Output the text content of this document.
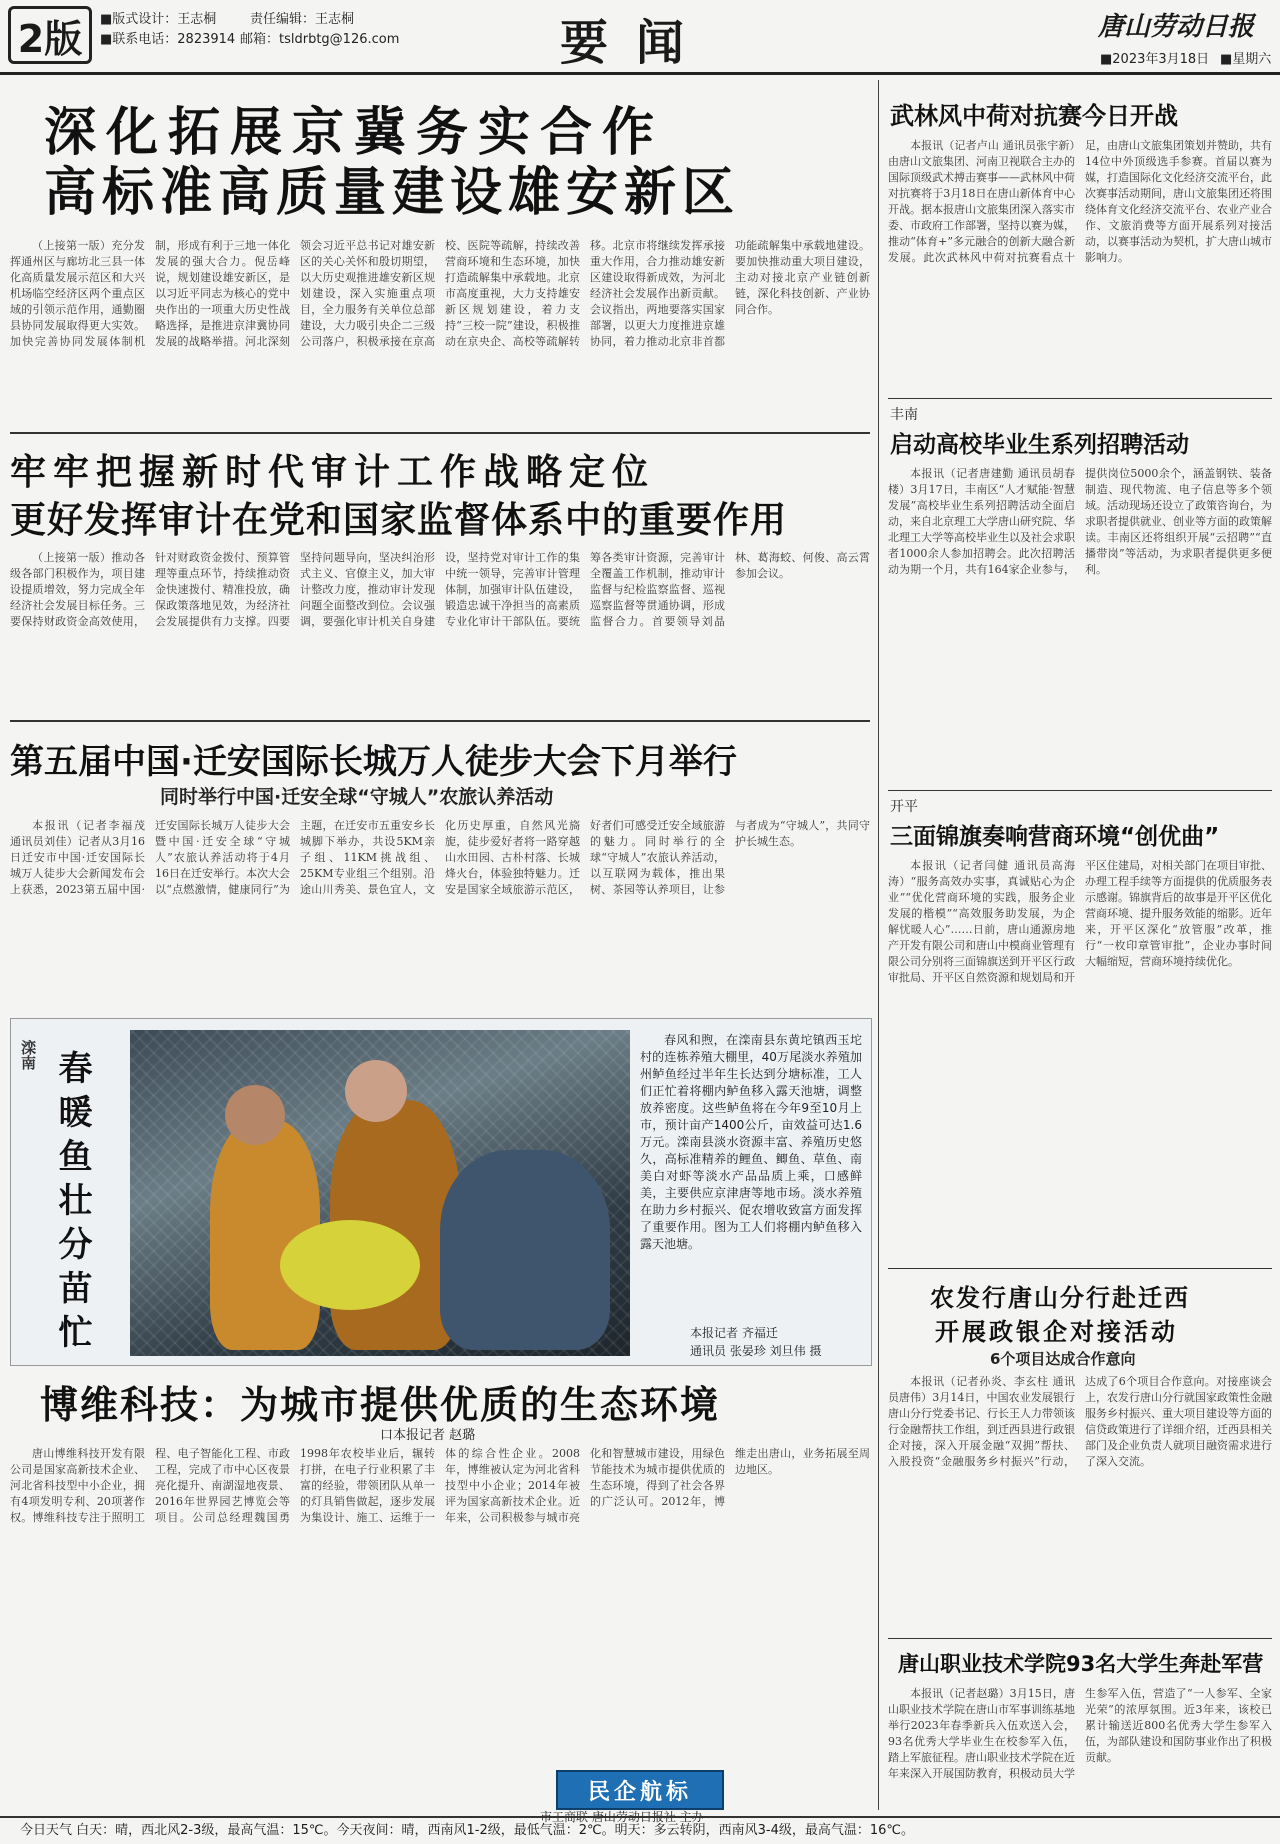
2版	■版式设计：王志桐	责任编辑：王志桐
■联系电话：2823914 邮箱：tsldrbtg@126.com	要闻	唐山劳动日报
■2023年3月18日 ■星期六
深化拓展京冀务实合作
高标准高质量建设雄安新区

（上接第一版）充分发挥通州区与廊坊北三县一体化高质量发展示范区和大兴机场临空经济区两个重点区域的引领示范作用，通勤圈县协同发展取得更大实效。加快完善协同发展体制机制，形成有利于三地一体化发展的强大合力。倪岳峰说，规划建设雄安新区，是以习近平同志为核心的党中央作出的一项重大历史性战略选择，是推进京津冀协同发展的战略举措。河北深刻领会习近平总书记对雄安新区的关心关怀和殷切期望，以大历史观推进雄安新区规划建设，深入实施重点项目，全力服务有关单位总部建设，大力吸引央企二三级公司落户，积极承接在京高校、医院等疏解，持续改善营商环境和生态环境，加快打造疏解集中承载地。北京市高度重视，大力支持雄安新区规划建设，着力支持“三校一院”建设，积极推动在京央企、高校等疏解转移。北京市将继续发挥承接重大作用，合力推动雄安新区建设取得新成效，为河北经济社会发展作出新贡献。会议指出，两地要落实国家部署，以更大力度推进京雄协同，着力推动北京非首都功能疏解集中承载地建设。要加快推动重大项目建设，主动对接北京产业链创新链，深化科技创新、产业协同合作。

牢牢把握新时代审计工作战略定位
更好发挥审计在党和国家监督体系中的重要作用

（上接第一版）推动各级各部门积极作为，项目建设提质增效，努力完成全年经济社会发展目标任务。三要保持财政资金高效使用，针对财政资金拨付、预算管理等重点环节，持续推动资金快速拨付、精准投放，确保政策落地见效，为经济社会发展提供有力支撑。四要坚持问题导向，坚决纠治形式主义、官僚主义，加大审计整改力度，推动审计发现问题全面整改到位。会议强调，要强化审计机关自身建设，坚持党对审计工作的集中统一领导，完善审计管理体制，加强审计队伍建设，锻造忠诚干净担当的高素质专业化审计干部队伍。要统筹各类审计资源，完善审计全覆盖工作机制，推动审计监督与纪检监察监督、巡视巡察监督等贯通协调，形成监督合力。首要领导刘晶林、葛海蛟、何俊、高云霄参加会议。

第五届中国·迁安国际长城万人徒步大会下月举行
同时举行中国·迁安全球“守城人”农旅认养活动

本报讯（记者李福茂 通讯员刘佳）记者从3月16日迁安市中国·迁安国际长城万人徒步大会新闻发布会上获悉，2023第五届中国·迁安国际长城万人徒步大会暨中国·迁安全球“守城人”农旅认养活动将于4月16日在迁安举行。本次大会以“点燃激情，健康同行”为主题，在迁安市五重安乡长城脚下举办，共设5KM亲子组、11KM挑战组、25KM专业组三个组别。沿途山川秀美、景色宜人，文化历史厚重，自然风光旖旎，徒步爱好者将一路穿越山水田园、古朴村落、长城烽火台，体验独特魅力。迁安是国家全域旅游示范区，好者们可感受迁安全域旅游的魅力。同时举行的全球“守城人”农旅认养活动，以互联网为载体，推出果树、茶园等认养项目，让参与者成为“守城人”，共同守护长城生态。

滦南 春暖鱼壮分苗忙

春风和煦，在滦南县东黄坨镇西玉坨村的连栋养殖大棚里，40万尾淡水养殖加州鲈鱼经过半年生长达到分塘标准，工人们正忙着将棚内鲈鱼移入露天池塘，调整放养密度。这些鲈鱼将在今年9至10月上市，预计亩产1400公斤，亩效益可达1.6万元。滦南县淡水资源丰富、养殖历史悠久，高标准精养的鲤鱼、鲫鱼、草鱼、南美白对虾等淡水产品品质上乘，口感鲜美，主要供应京津唐等地市场。淡水养殖在助力乡村振兴、促农增收致富方面发挥了重要作用。图为工人们将棚内鲈鱼移入露天池塘。

本报记者 齐福迁
通讯员 张晏珍 刘旦伟 摄
博维科技：为城市提供优质的生态环境
口本报记者 赵璐

唐山博维科技开发有限公司是国家高新技术企业、河北省科技型中小企业，拥有4项发明专利、20项著作权。博维科技专注于照明工程、电子智能化工程、市政工程，完成了市中心区夜景亮化提升、南湖湿地夜景、2016年世界园艺博览会等项目。公司总经理魏国勇1998年农校毕业后，辗转打拼，在电子行业积累了丰富的经验，带领团队从单一的灯具销售做起，逐步发展为集设计、施工、运维于一体的综合性企业。2008年，博维被认定为河北省科技型中小企业；2014年被评为国家高新技术企业。近年来，公司积极参与城市亮化和智慧城市建设，用绿色节能技术为城市提供优质的生态环境，得到了社会各界的广泛认可。2012年，博维走出唐山，业务拓展至周边地区。

民企航标
市工商联 唐山劳动日报社 主办
武林风中荷对抗赛今日开战

本报讯（记者卢山 通讯员张宇新）由唐山文旅集团、河南卫视联合主办的国际顶级武术搏击赛事——武林风中荷对抗赛将于3月18日在唐山新体育中心开战。据本报唐山文旅集团深入落实市委、市政府工作部署，坚持以赛为媒，推动“体育+”多元融合的创新大融合新发展。此次武林风中荷对抗赛看点十足，由唐山文旅集团策划并赞助，共有14位中外顶级选手参赛。首届以赛为媒，打造国际化文化经济交流平台，此次赛事活动期间，唐山文旅集团还将围绕体育文化经济交流平台、农业产业合作、文旅消费等方面开展系列对接活动，以赛事活动为契机，扩大唐山城市影响力。

丰南
启动高校毕业生系列招聘活动

本报讯（记者唐建勤 通讯员胡春楼）3月17日，丰南区“人才赋能·智慧发展”高校毕业生系列招聘活动全面启动，来自北京理工大学唐山研究院、华北理工大学等高校毕业生以及社会求职者1000余人参加招聘会。此次招聘活动为期一个月，共有164家企业参与，提供岗位5000余个，涵盖钢铁、装备制造、现代物流、电子信息等多个领域。活动现场还设立了政策咨询台，为求职者提供就业、创业等方面的政策解读。丰南区还将组织开展“云招聘”“直播带岗”等活动，为求职者提供更多便利。

开平
三面锦旗奏响营商环境“创优曲”

本报讯（记者闫健 通讯员高海涛）“服务高效办实事，真诚贴心为企业”“优化营商环境的实践，服务企业发展的楷模”“高效服务助发展，为企解忧暖人心”……日前，唐山通源房地产开发有限公司和唐山中模商业管理有限公司分别将三面锦旗送到开平区行政审批局、开平区自然资源和规划局和开平区住建局，对相关部门在项目审批、办理工程手续等方面提供的优质服务表示感谢。锦旗背后的故事是开平区优化营商环境、提升服务效能的缩影。近年来，开平区深化“放管服”改革，推行“一枚印章管审批”，企业办事时间大幅缩短，营商环境持续优化。

农发行唐山分行赴迁西
开展政银企对接活动
6个项目达成合作意向

本报讯（记者孙炎、李玄柱 通讯员唐伟）3月14日，中国农业发展银行唐山分行党委书记、行长王人力带领该行金融帮扶工作组，到迁西县进行政银企对接，深入开展金融“双拥”帮扶、入股投资“金融服务乡村振兴”行动，达成了6个项目合作意向。对接座谈会上，农发行唐山分行就国家政策性金融服务乡村振兴、重大项目建设等方面的信贷政策进行了详细介绍，迁西县相关部门及企业负责人就项目融资需求进行了深入交流。

唐山职业技术学院93名大学生奔赴军营

本报讯（记者赵璐）3月15日，唐山职业技术学院在唐山市军事训练基地举行2023年春季新兵入伍欢送入会，93名优秀大学毕业生在校参军入伍，踏上军旅征程。唐山职业技术学院在近年来深入开展国防教育，积极动员大学生参军入伍，营造了“一人参军、全家光荣”的浓厚氛围。近3年来，该校已累计输送近800名优秀大学生参军入伍，为部队建设和国防事业作出了积极贡献。

今日天气 白天：晴，西北风2-3级，最高气温：15℃。今天夜间：晴，西南风1-2级，最低气温：2℃。明天：多云转阴，西南风3-4级，最高气温：16℃。
